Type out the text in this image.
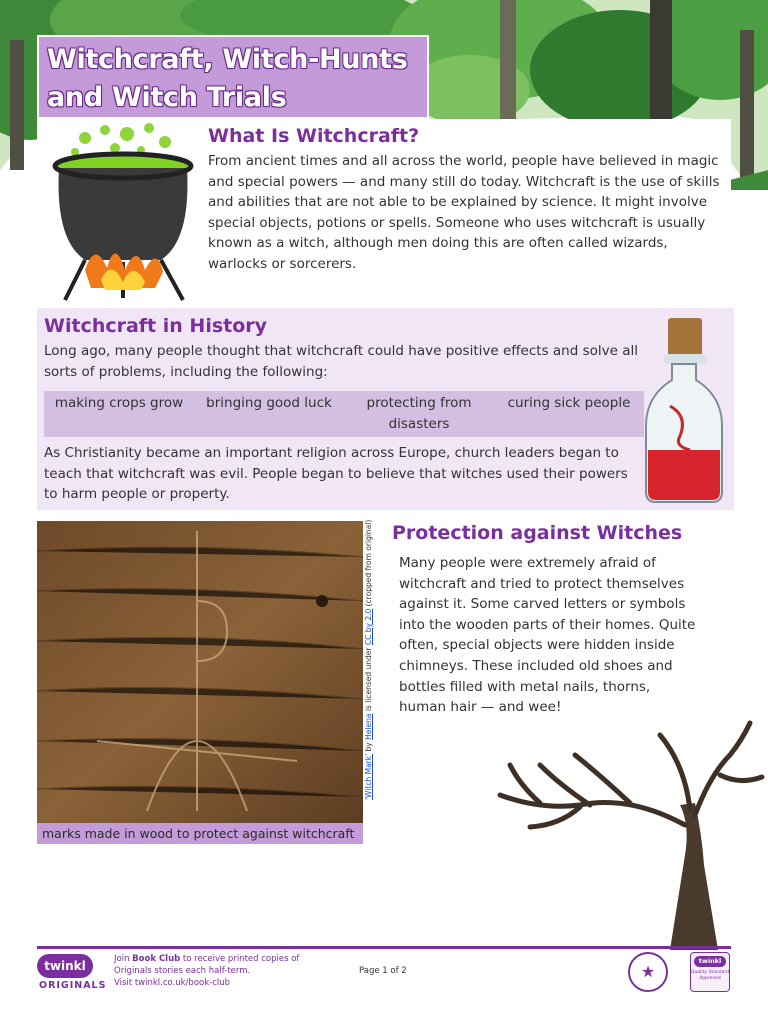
Witchcraft, Witch-Hunts and Witch Trials
What Is Witchcraft?

From ancient times and all across the world, people have believed in magic and special powers — and many still do today. Witchcraft is the use of skills and abilities that are not able to be explained by science. It might involve special objects, potions or spells. Someone who uses witchcraft is usually known as a witch, although men doing this are often called wizards, warlocks or sorcerers.

Witchcraft in History

Long ago, many people thought that witchcraft could have positive effects and solve all sorts of problems, including the following:

making crops grow	bringing good luck	protecting from disasters
curing sick people

As Christianity became an important religion across Europe, church leaders began to teach that witchcraft was evil. People began to believe that witches used their powers to harm people or property.

marks made in wood to protect against witchcraft
'Witch Mark' by Helena is licensed under CC by 2.0 (cropped from original) Protection against Witches

Many people were extremely afraid of witchcraft and tried to protect themselves against it. Some carved letters or symbols into the wooden parts of their homes. Quite often, special objects were hidden inside chimneys. These included old shoes and bottles filled with metal nails, thorns, human hair — and wee!

twinkl
ORIGINALS
Join Book Club to receive printed copies of Originals stories each half-term.
Visit twinkl.co.uk/book-club
Page 1 of 2	★
twinkl
Quality Standard Approved
